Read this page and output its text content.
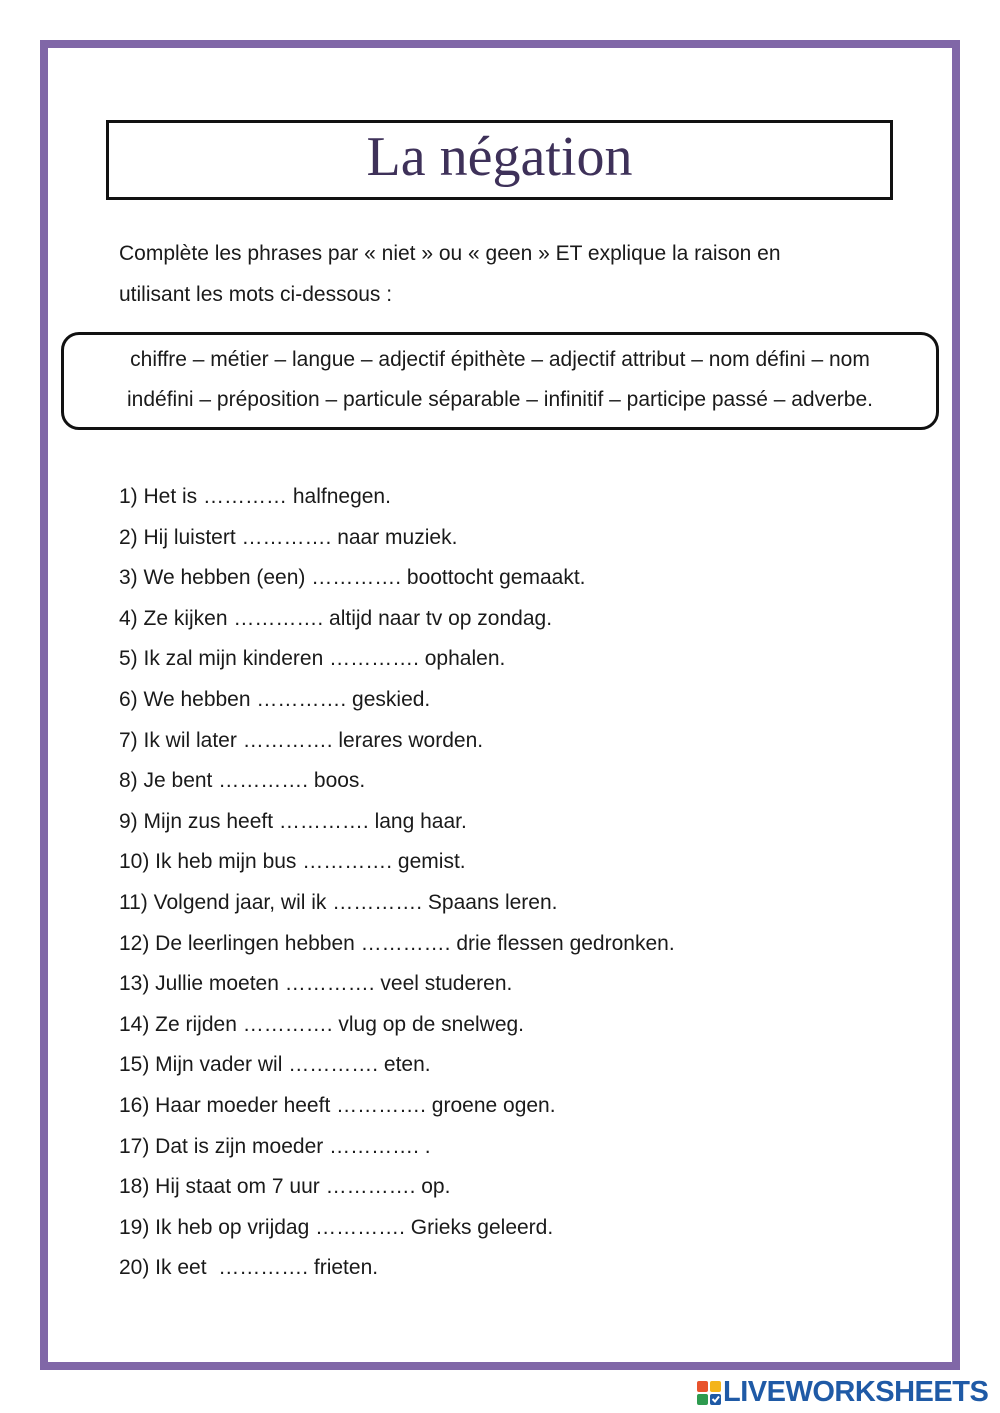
La négation

Complète les phrases par « niet » ou « geen » ET explique la raison en
utilisant les mots ci-dessous :

chiffre – métier – langue – adjectif épithète – adjectif attribut – nom défini – nom
indéfini – préposition – particule séparable – infinitif – participe passé – adverbe.
1) Het is ………… halfnegen.
2) Hij luistert …………. naar muziek.
3) We hebben (een) …………. boottocht gemaakt.
4) Ze kijken …………. altijd naar tv op zondag.
5) Ik zal mijn kinderen …………. ophalen.
6) We hebben …………. geskied.
7) Ik wil later …………. lerares worden.
8) Je bent …………. boos.
9) Mijn zus heeft …………. lang haar.
10) Ik heb mijn bus …………. gemist.
11) Volgend jaar, wil ik …………. Spaans leren.
12) De leerlingen hebben …………. drie flessen gedronken.
13) Jullie moeten …………. veel studeren.
14) Ze rijden …………. vlug op de snelweg.
15) Mijn vader wil …………. eten.
16) Haar moeder heeft …………. groene ogen.
17) Dat is zijn moeder …………. .
18) Hij staat om 7 uur …………. op.
19) Ik heb op vrijdag …………. Grieks geleerd.
20) Ik eet  …………. frieten.
LIVEWORKSHEETS
